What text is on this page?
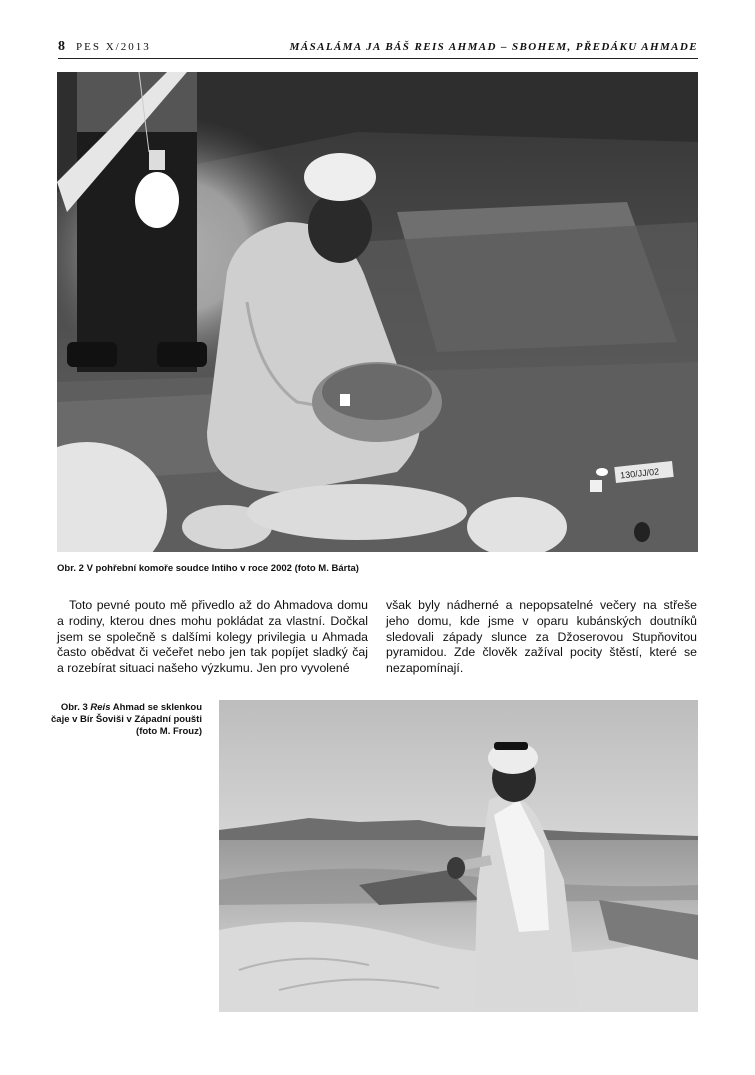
8 PES X/2013	MÁSALÁMA JA BÁŠ REIS AHMAD – SBOHEM, PŘEDÁKU AHMADE
130/JJ/02
Obr. 2 V pohřební komoře soudce Intiho v roce 2002 (foto M. Bárta)
Toto pevné pouto mě přivedlo až do Ahmadova domu a rodiny, kterou dnes mohu pokládat za vlastní. Dočkal jsem se společně s dalšími kolegy privilegia u Ahmada často obědvat či večeřet nebo jen tak popíjet sladký čaj a rozebírat situaci našeho výzkumu. Jen pro vyvolené
však byly nádherné a nepopsatelné večery na střeše jeho domu, kde jsme v oparu kubánských doutníků sledovali západy slunce za Džoserovou Stupňovitou pyramidou. Zde člověk zažíval pocity štěstí, které se nezapomínají.
Obr. 3 Reis Ahmad se sklenkou čaje v Bír Šoviši v Západní poušti (foto M. Frouz)
